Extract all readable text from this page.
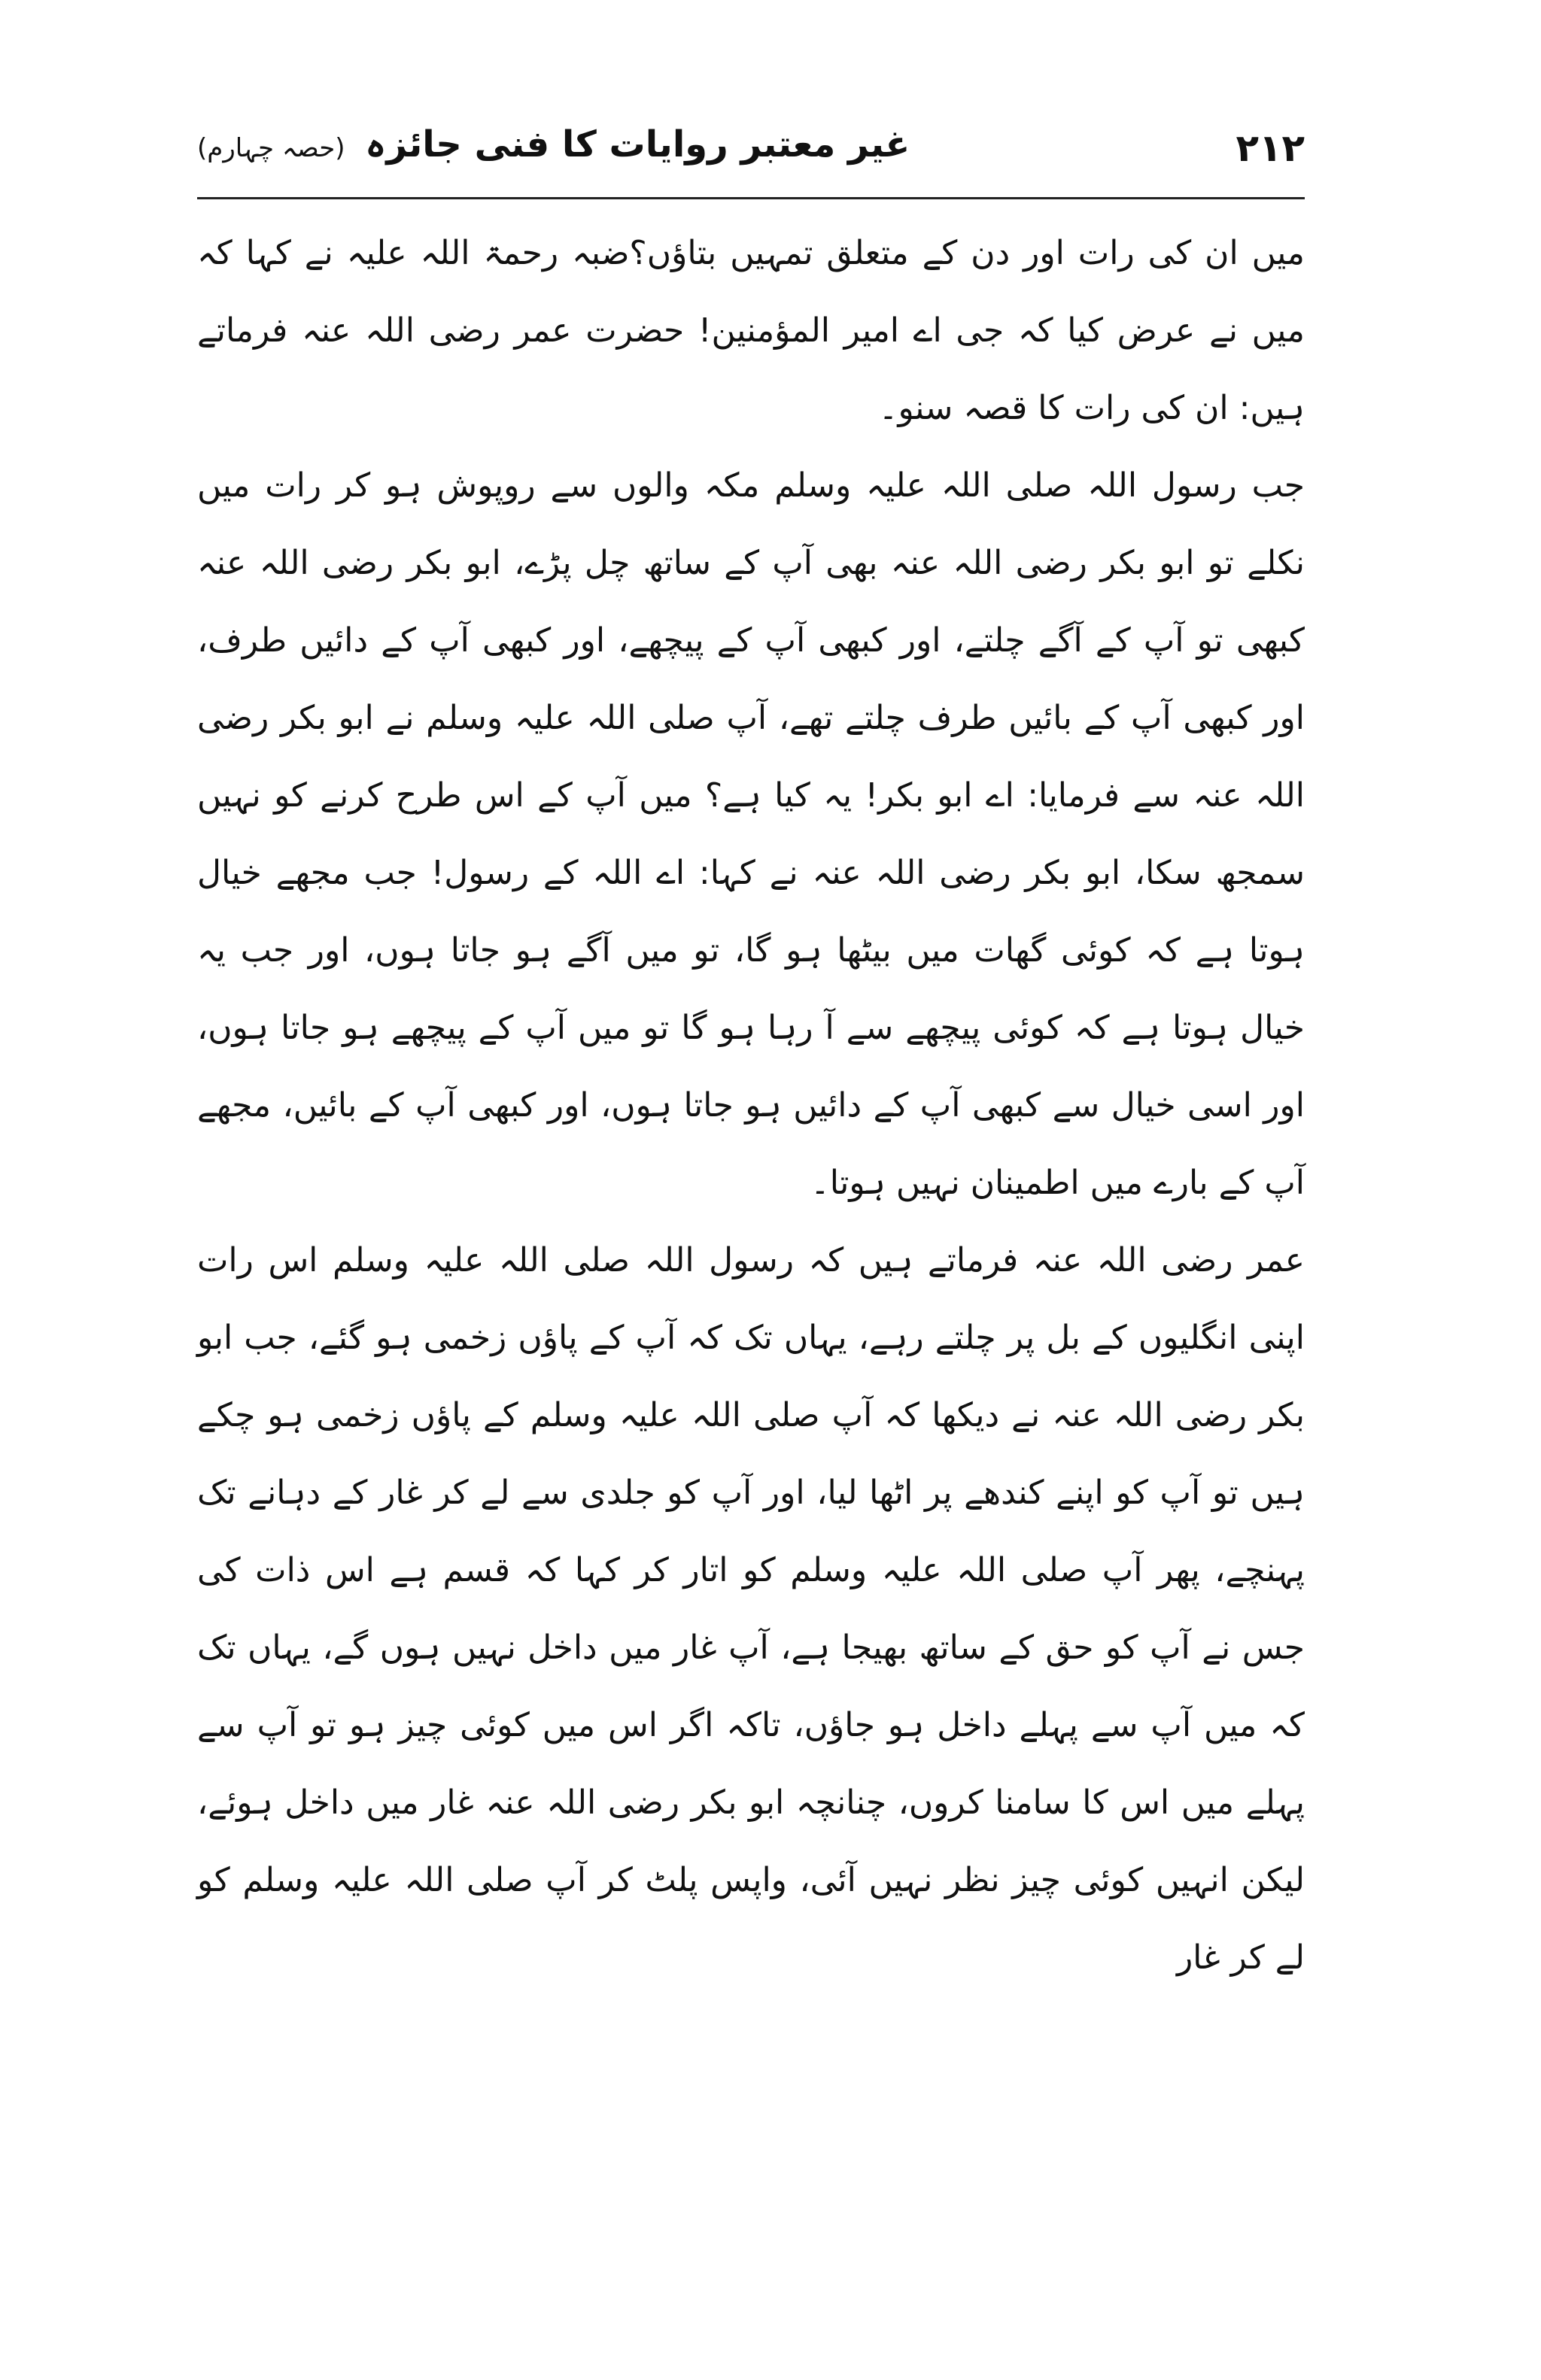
۲۱۲
غیر معتبر روایات کا فنی جائزہ (حصہ چہارم)

میں ان کی رات اور دن کے متعلق تمہیں بتاؤں؟ضبہ رحمۃ اللہ علیہ نے کہا کہ میں نے عرض کیا کہ جی اے امیر المؤمنین! حضرت عمر رضی اللہ عنہ فرماتے ہیں: ان کی رات کا قصہ سنو۔

جب رسول اللہ صلی اللہ علیہ وسلم مکہ والوں سے روپوش ہو کر رات میں نکلے تو ابو بکر رضی اللہ عنہ بھی آپ کے ساتھ چل پڑے، ابو بکر رضی اللہ عنہ کبھی تو آپ کے آگے چلتے، اور کبھی آپ کے پیچھے، اور کبھی آپ کے دائیں طرف، اور کبھی آپ کے بائیں طرف چلتے تھے، آپ صلی اللہ علیہ وسلم نے ابو بکر رضی اللہ عنہ سے فرمایا: اے ابو بکر! یہ کیا ہے؟ میں آپ کے اس طرح کرنے کو نہیں سمجھ سکا، ابو بکر رضی اللہ عنہ نے کہا: اے اللہ کے رسول! جب مجھے خیال ہوتا ہے کہ کوئی گھات میں بیٹھا ہو گا، تو میں آگے ہو جاتا ہوں، اور جب یہ خیال ہوتا ہے کہ کوئی پیچھے سے آ رہا ہو گا تو میں آپ کے پیچھے ہو جاتا ہوں، اور اسی خیال سے کبھی آپ کے دائیں ہو جاتا ہوں، اور کبھی آپ کے بائیں، مجھے آپ کے بارے میں اطمینان نہیں ہوتا۔

عمر رضی اللہ عنہ فرماتے ہیں کہ رسول اللہ صلی اللہ علیہ وسلم اس رات اپنی انگلیوں کے بل پر چلتے رہے، یہاں تک کہ آپ کے پاؤں زخمی ہو گئے، جب ابو بکر رضی اللہ عنہ نے دیکھا کہ آپ صلی اللہ علیہ وسلم کے پاؤں زخمی ہو چکے ہیں تو آپ کو اپنے کندھے پر اٹھا لیا، اور آپ کو جلدی سے لے کر غار کے دہانے تک پہنچے، پھر آپ صلی اللہ علیہ وسلم کو اتار کر کہا کہ قسم ہے اس ذات کی جس نے آپ کو حق کے ساتھ بھیجا ہے، آپ غار میں داخل نہیں ہوں گے، یہاں تک کہ میں آپ سے پہلے داخل ہو جاؤں، تاکہ اگر اس میں کوئی چیز ہو تو آپ سے پہلے میں اس کا سامنا کروں، چنانچہ ابو بکر رضی اللہ عنہ غار میں داخل ہوئے، لیکن انہیں کوئی چیز نظر نہیں آئی، واپس پلٹ کر آپ صلی اللہ علیہ وسلم کو لے کر غار
